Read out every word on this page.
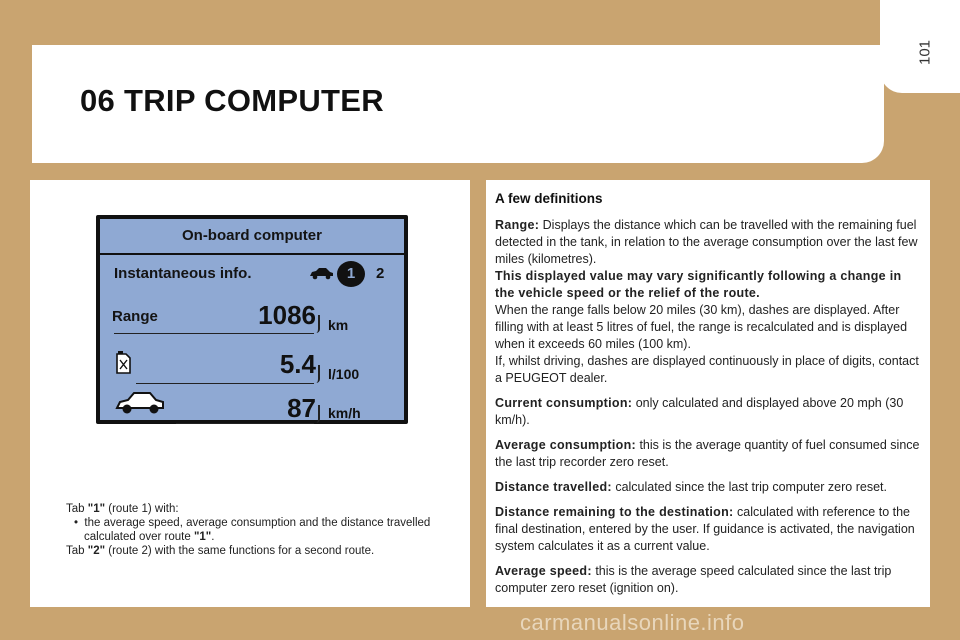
101
06 TRIP COMPUTER
On-board computer
Instantaneous info.	1	2
Range	1086 km
5.4 l/100
87 km/h

Tab "1" (route 1) with:

•  the average speed, average consumption and the distance travelled calculated over route "1".

Tab "2" (route 2) with the same functions for a second route.

A few definitions

Range: Displays the distance which can be travelled with the remaining fuel detected in the tank, in relation to the average consumption over the last few miles (kilometres).

This displayed value may vary significantly following a change in the vehicle speed or the relief of the route.

When the range falls below 20 miles (30 km), dashes are displayed. After filling with at least 5 litres of fuel, the range is recalculated and is displayed when it exceeds 60 miles (100 km).

If, whilst driving, dashes are displayed continuously in place of digits, contact a PEUGEOT dealer.

Current consumption: only calculated and displayed above 20 mph (30 km/h).

Average consumption: this is the average quantity of fuel consumed since the last trip recorder zero reset.

Distance travelled: calculated since the last trip computer zero reset.

Distance remaining to the destination: calculated with reference to the final destination, entered by the user. If guidance is activated, the navigation system calculates it as a current value.

Average speed: this is the average speed calculated since the last trip computer zero reset (ignition on).

carmanualsonline.info
